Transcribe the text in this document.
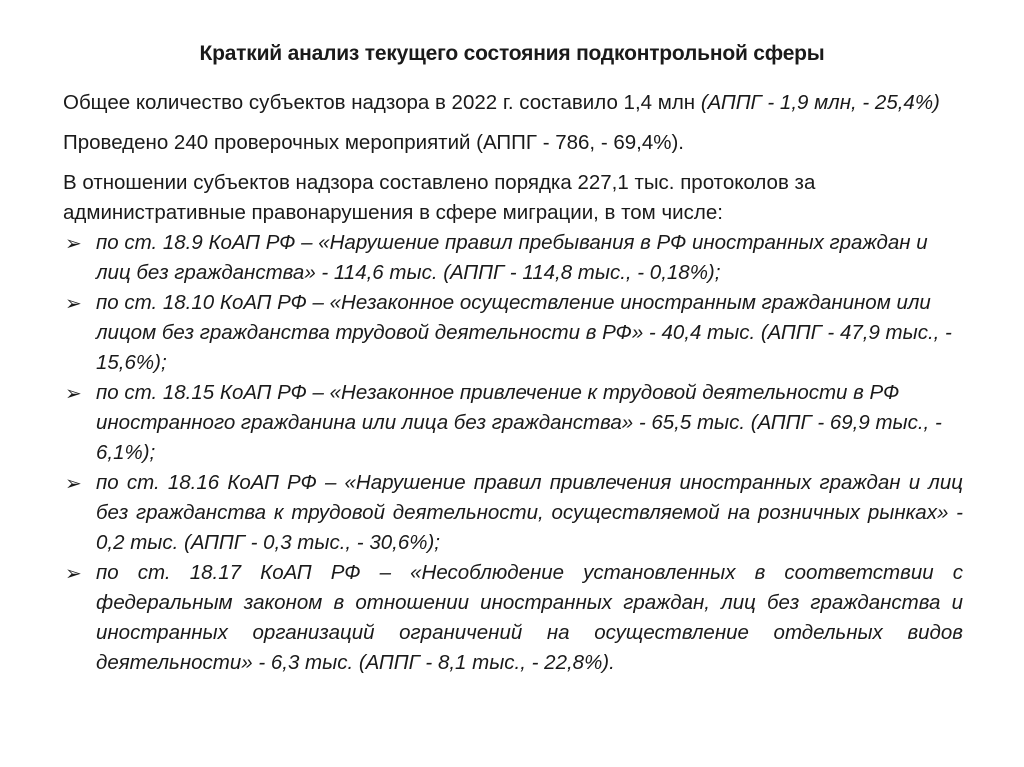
Краткий анализ текущего состояния подконтрольной сферы

Общее количество субъектов надзора в 2022 г. составило 1,4 млн (АППГ - 1,9 млн, - 25,4%)

Проведено 240 проверочных мероприятий (АППГ - 786, - 69,4%).

В отношении субъектов надзора составлено порядка 227,1 тыс. протоколов за административные правонарушения в сфере миграции, в том числе:

➢ по ст. 18.9 КоАП РФ – «Нарушение правил пребывания в РФ иностранных граждан и лиц без гражданства» - 114,6 тыс. (АППГ - 114,8 тыс., - 0,18%);
➢ по ст. 18.10 КоАП РФ – «Незаконное осуществление иностранным гражданином или лицом без гражданства трудовой деятельности в РФ» - 40,4 тыс. (АППГ - 47,9 тыс., - 15,6%);
➢ по ст. 18.15 КоАП РФ – «Незаконное привлечение к трудовой деятельности в РФ иностранного гражданина или лица без гражданства» - 65,5 тыс. (АППГ - 69,9 тыс., - 6,1%);
➢ по ст. 18.16 КоАП РФ – «Нарушение правил привлечения иностранных граждан и лиц без гражданства к трудовой деятельности, осуществляемой на розничных рынках» - 0,2 тыс. (АППГ - 0,3 тыс., - 30,6%);
➢ по ст. 18.17 КоАП РФ – «Несоблюдение установленных в соответствии с федеральным законом в отношении иностранных граждан, лиц без гражданства и иностранных организаций ограничений на осуществление отдельных видов деятельности» - 6,3 тыс. (АППГ - 8,1 тыс., - 22,8%).
